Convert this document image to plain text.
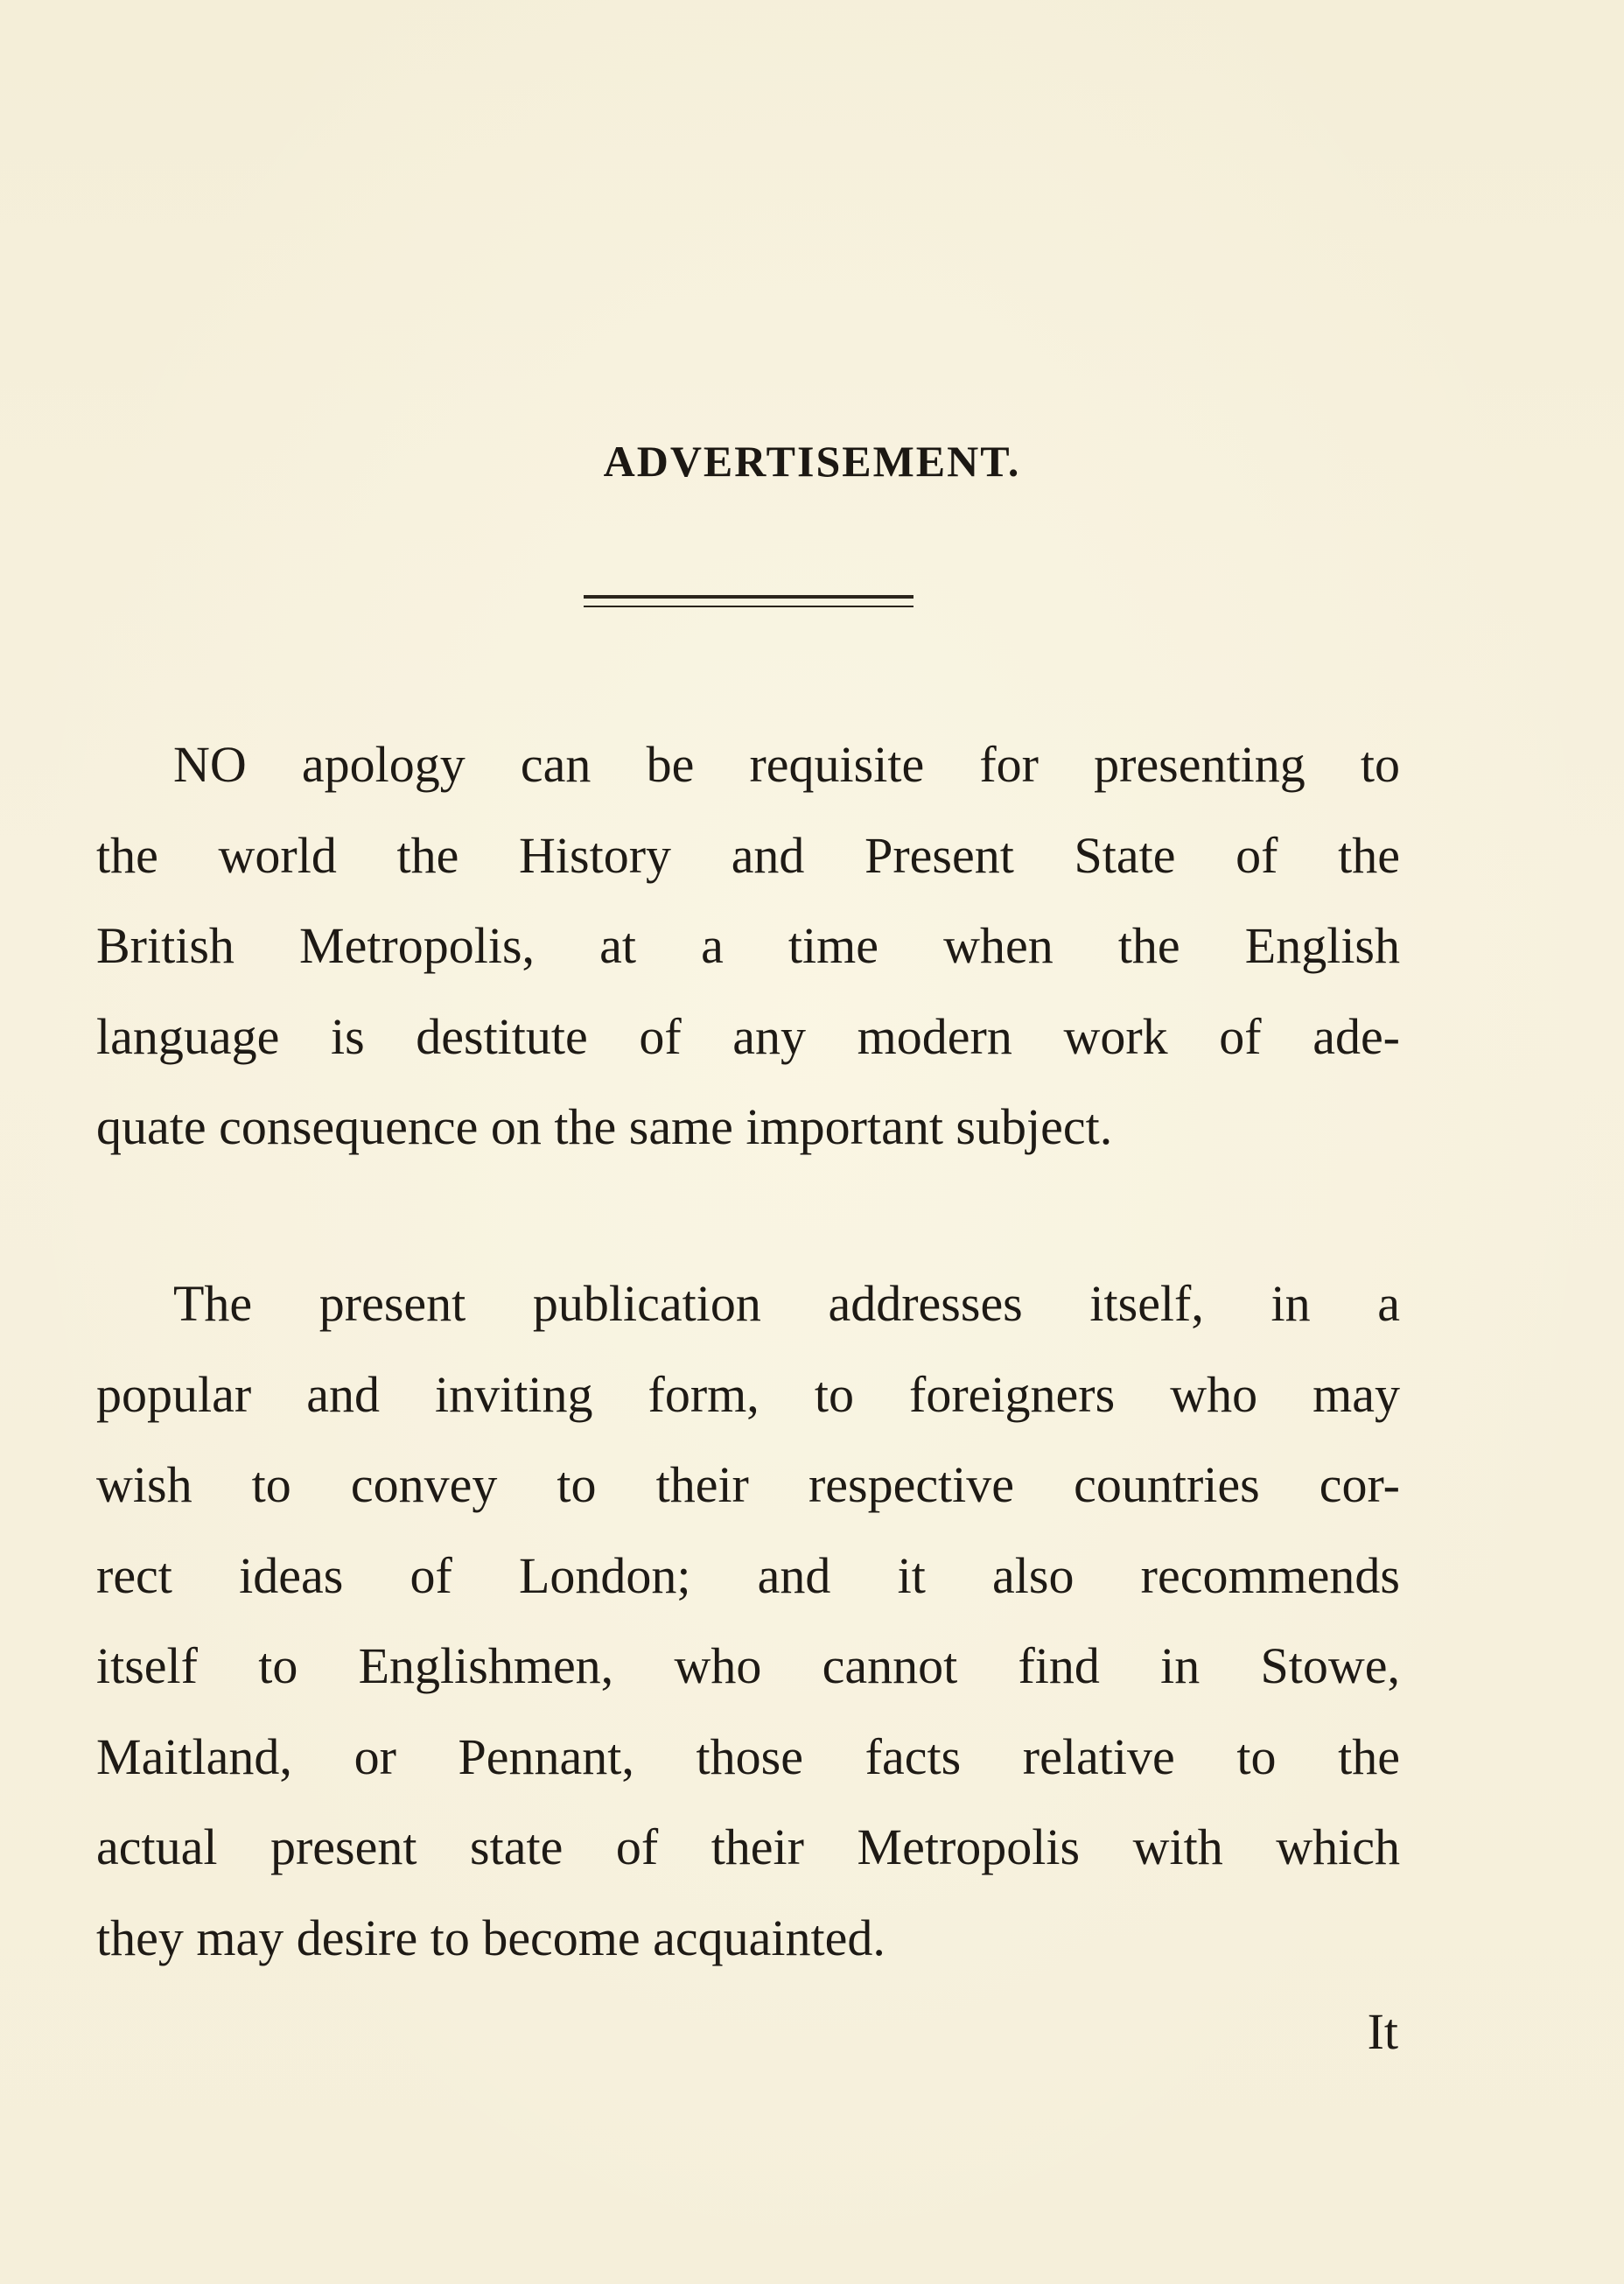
ADVERTISEMENT.
NO apology can be requisite for presenting to
the world the History and Present State of the
British Metropolis, at a time when the English
language is destitute of any modern work of ade-
quate consequence on the same important subject.
The present publication addresses itself, in a
popular and inviting form, to foreigners who may
wish to convey to their respective countries cor-
rect ideas of London; and it also recommends
itself to Englishmen, who cannot find in Stowe,
Maitland, or Pennant, those facts relative to the
actual present state of their Metropolis with which
they may desire to become acquainted.
It
